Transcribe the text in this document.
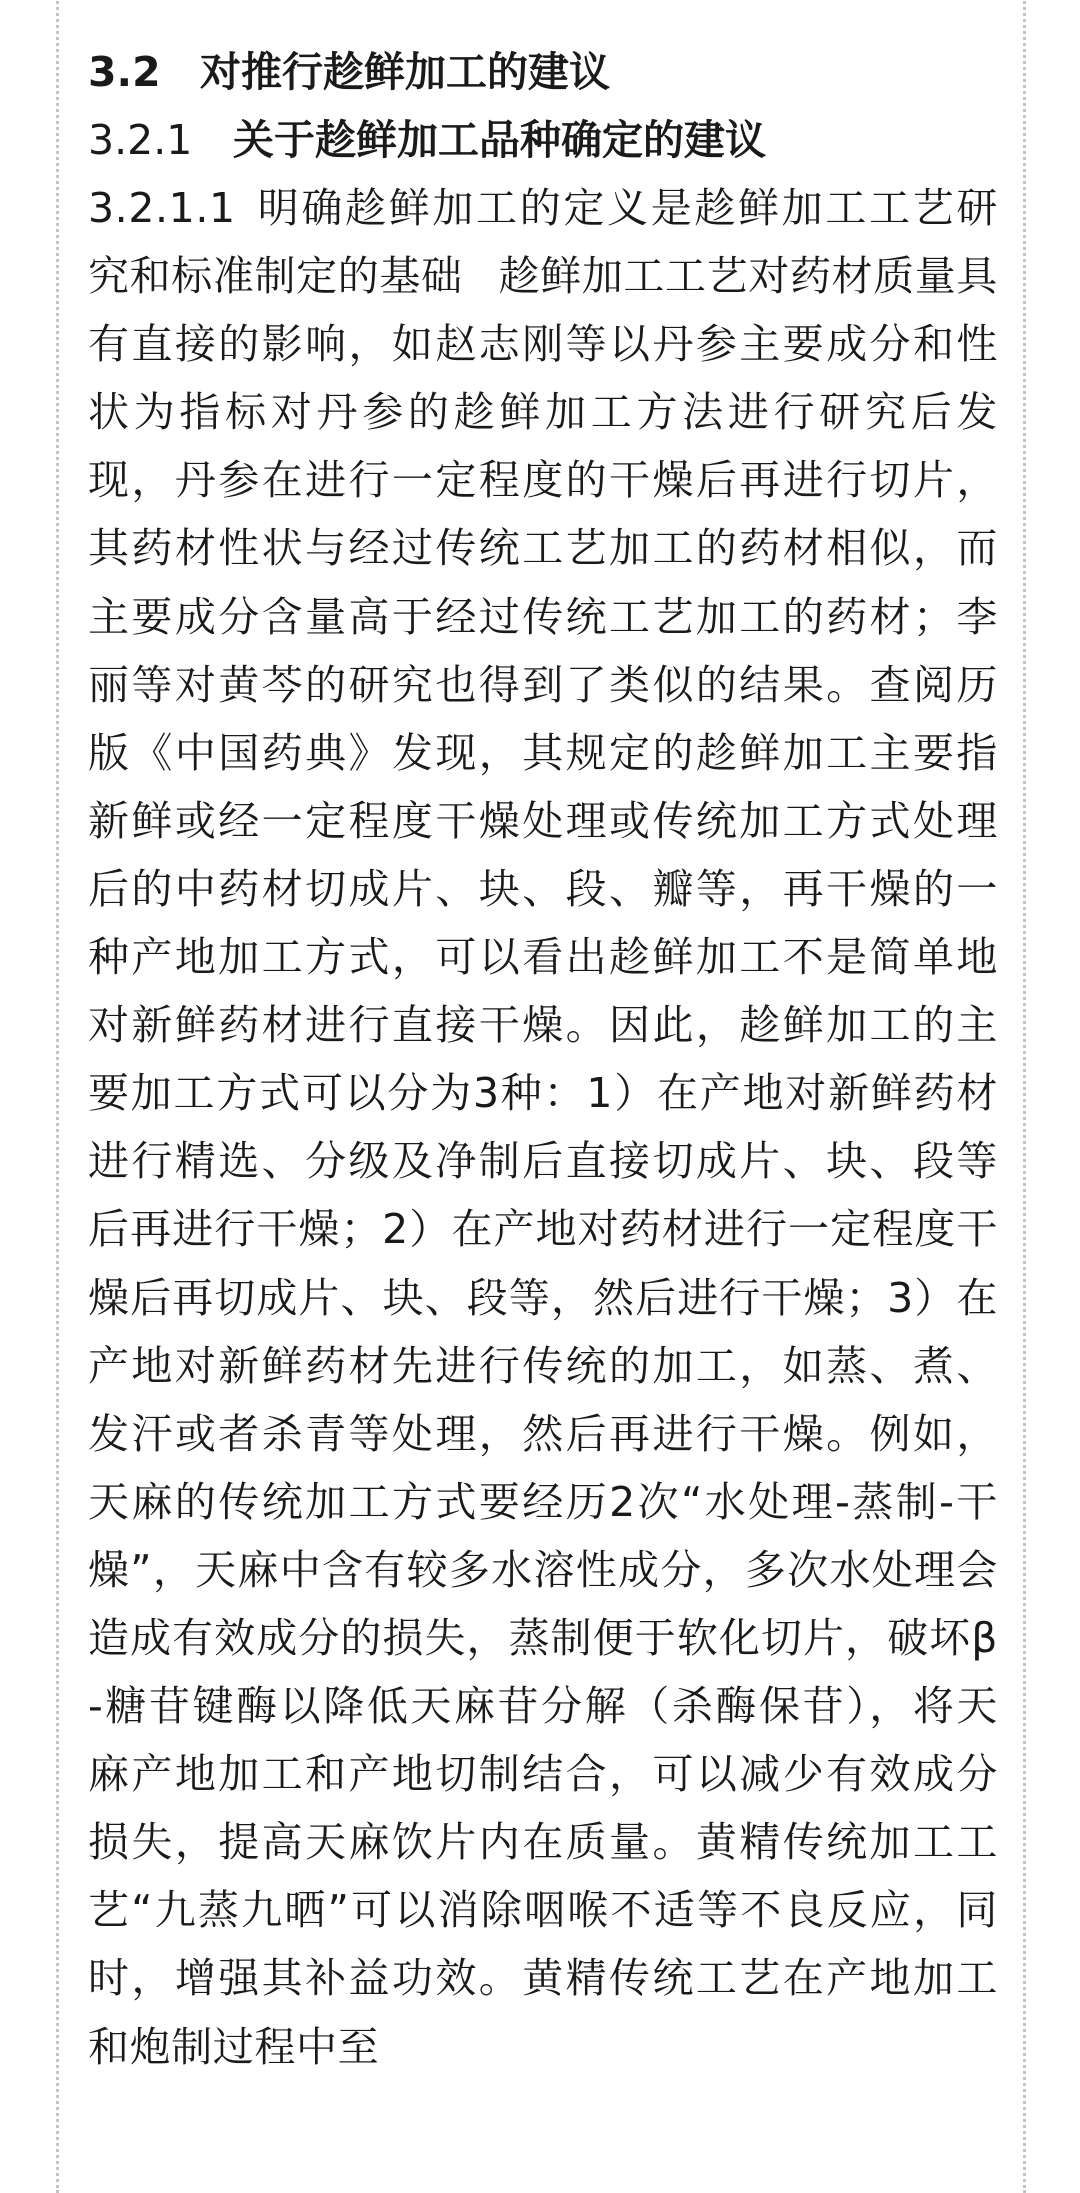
3.2 对推行趁鲜加工的建议
3.2.1 关于趁鲜加工品种确定的建议

3.2.1.1 明确趁鲜加工的定义是趁鲜加工工艺研究和标准制定的基础 趁鲜加工工艺对药材质量具有直接的影响，如赵志刚等以丹参主要成分和性状为指标对丹参的趁鲜加工方法进行研究后发现，丹参在进行一定程度的干燥后再进行切片，其药材性状与经过传统工艺加工的药材相似，而主要成分含量高于经过传统工艺加工的药材；李丽等对黄芩的研究也得到了类似的结果。查阅历版《中国药典》发现，其规定的趁鲜加工主要指新鲜或经一定程度干燥处理或传统加工方式处理后的中药材切成片、块、段、瓣等，再干燥的一种产地加工方式，可以看出趁鲜加工不是简单地对新鲜药材进行直接干燥。因此，趁鲜加工的主要加工方式可以分为3种：1）在产地对新鲜药材进行精选、分级及净制后直接切成片、块、段等后再进行干燥；2）在产地对药材进行一定程度干燥后再切成片、块、段等，然后进行干燥；3）在产地对新鲜药材先进行传统的加工，如蒸、煮、发汗或者杀青等处理，然后再进行干燥。例如，天麻的传统加工方式要经历2次“水处理-蒸制-干燥”，天麻中含有较多水溶性成分，多次水处理会造成有效成分的损失，蒸制便于软化切片，破坏β-糖苷键酶以降低天麻苷分解（杀酶保苷），将天麻产地加工和产地切制结合，可以减少有效成分损失，提高天麻饮片内在质量。黄精传统加工工艺“九蒸九晒”可以消除咽喉不适等不良反应，同时，增强其补益功效。黄精传统工艺在产地加工和炮制过程中至
